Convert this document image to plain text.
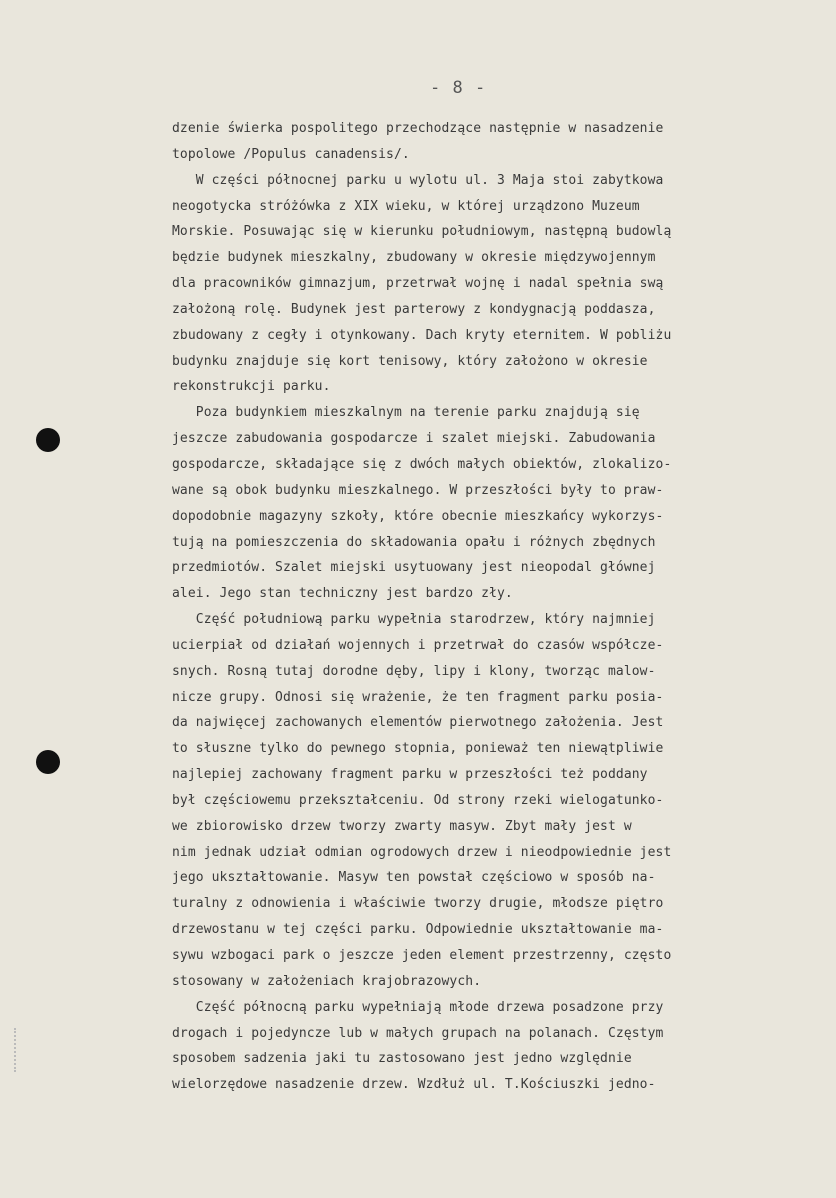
- 8 -
dzenie świerka pospolitego przechodzące następnie w nasadzenie
topolowe /Populus canadensis/.
W części północnej parku u wylotu ul. 3 Maja stoi zabytkowa
neogotycka stróżówka z XIX wieku, w której urządzono Muzeum
Morskie. Posuwając się w kierunku południowym, następną budowlą
będzie budynek mieszkalny, zbudowany w okresie międzywojennym
dla pracowników gimnazjum, przetrwał wojnę i nadal spełnia swą
założoną rolę. Budynek jest parterowy z kondygnacją poddasza,
zbudowany z cegły i otynkowany. Dach kryty eternitem. W pobliżu
budynku znajduje się kort tenisowy, który założono w okresie
rekonstrukcji parku.
Poza budynkiem mieszkalnym na terenie parku znajdują się
jeszcze zabudowania gospodarcze i szalet miejski. Zabudowania
gospodarcze, składające się z dwóch małych obiektów, zlokalizo-
wane są obok budynku mieszkalnego. W przeszłości były to praw-
dopodobnie magazyny szkoły, które obecnie mieszkańcy wykorzys-
tują na pomieszczenia do składowania opału i różnych zbędnych
przedmiotów. Szalet miejski usytuowany jest nieopodal głównej
alei. Jego stan techniczny jest bardzo zły.
Część południową parku wypełnia starodrzew, który najmniej
ucierpiał od działań wojennych i przetrwał do czasów współcze-
snych. Rosną tutaj dorodne dęby, lipy i klony, tworząc malow-
nicze grupy. Odnosi się wrażenie, że ten fragment parku posia-
da najwięcej zachowanych elementów pierwotnego założenia. Jest
to słuszne tylko do pewnego stopnia, ponieważ ten niewątpliwie
najlepiej zachowany fragment parku w przeszłości też poddany
był częściowemu przekształceniu. Od strony rzeki wielogatunko-
we zbiorowisko drzew tworzy zwarty masyw. Zbyt mały jest w
nim jednak udział odmian ogrodowych drzew i nieodpowiednie jest
jego ukształtowanie. Masyw ten powstał częściowo w sposób na-
turalny z odnowienia i właściwie tworzy drugie, młodsze piętro
drzewostanu w tej części parku. Odpowiednie ukształtowanie ma-
sywu wzbogaci park o jeszcze jeden element przestrzenny, często
stosowany w założeniach krajobrazowych.
Część północną parku wypełniają młode drzewa posadzone przy
drogach i pojedyncze lub w małych grupach na polanach. Częstym
sposobem sadzenia jaki tu zastosowano jest jedno względnie
wielorzędowe nasadzenie drzew. Wzdłuż ul. T.Kościuszki jedno-
